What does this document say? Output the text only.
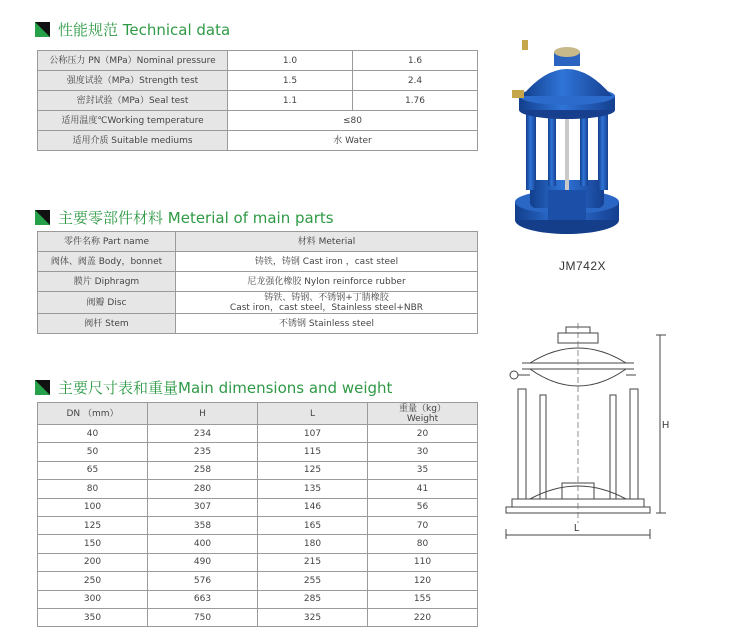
性能规范 Technical data
公称压力 PN（MPa）Nominal pressure	1.0	1.6
强度试验（MPa）Strength test	1.5	2.4
密封试验（MPa）Seal test	1.1	1.76
适用温度℃Working temperature	≤80	
适用介质 Suitable mediums	水 Water	
主要零部件材料 Meterial of main parts
零件名称 Part name	材料 Meterial
阀体、阀盖 Body，bonnet	铸铁，铸钢 Cast iron ，cast steel
膜片 Diphragm	尼龙强化橡胶 Nylon reinforce rubber
阀瓣 Disc	铸铁、铸钢、不锈钢+丁腈橡胶
Cast iron，cast steel，Stainless steel+NBR

阀杆 Stem	不锈钢 Stainless steel
主要尺寸表和重量Main dimensions and weight
DN （mm）	H	L	重量（kg）
Weight

40	234	107	20
50	235	115	30
65	258	125	35
80	280	135	41
100	307	146	56
125	358	165	70
150	400	180	80
200	490	215	110
250	576	255	120
300	663	285	155
350	750	325	220
JM742X
H
L
